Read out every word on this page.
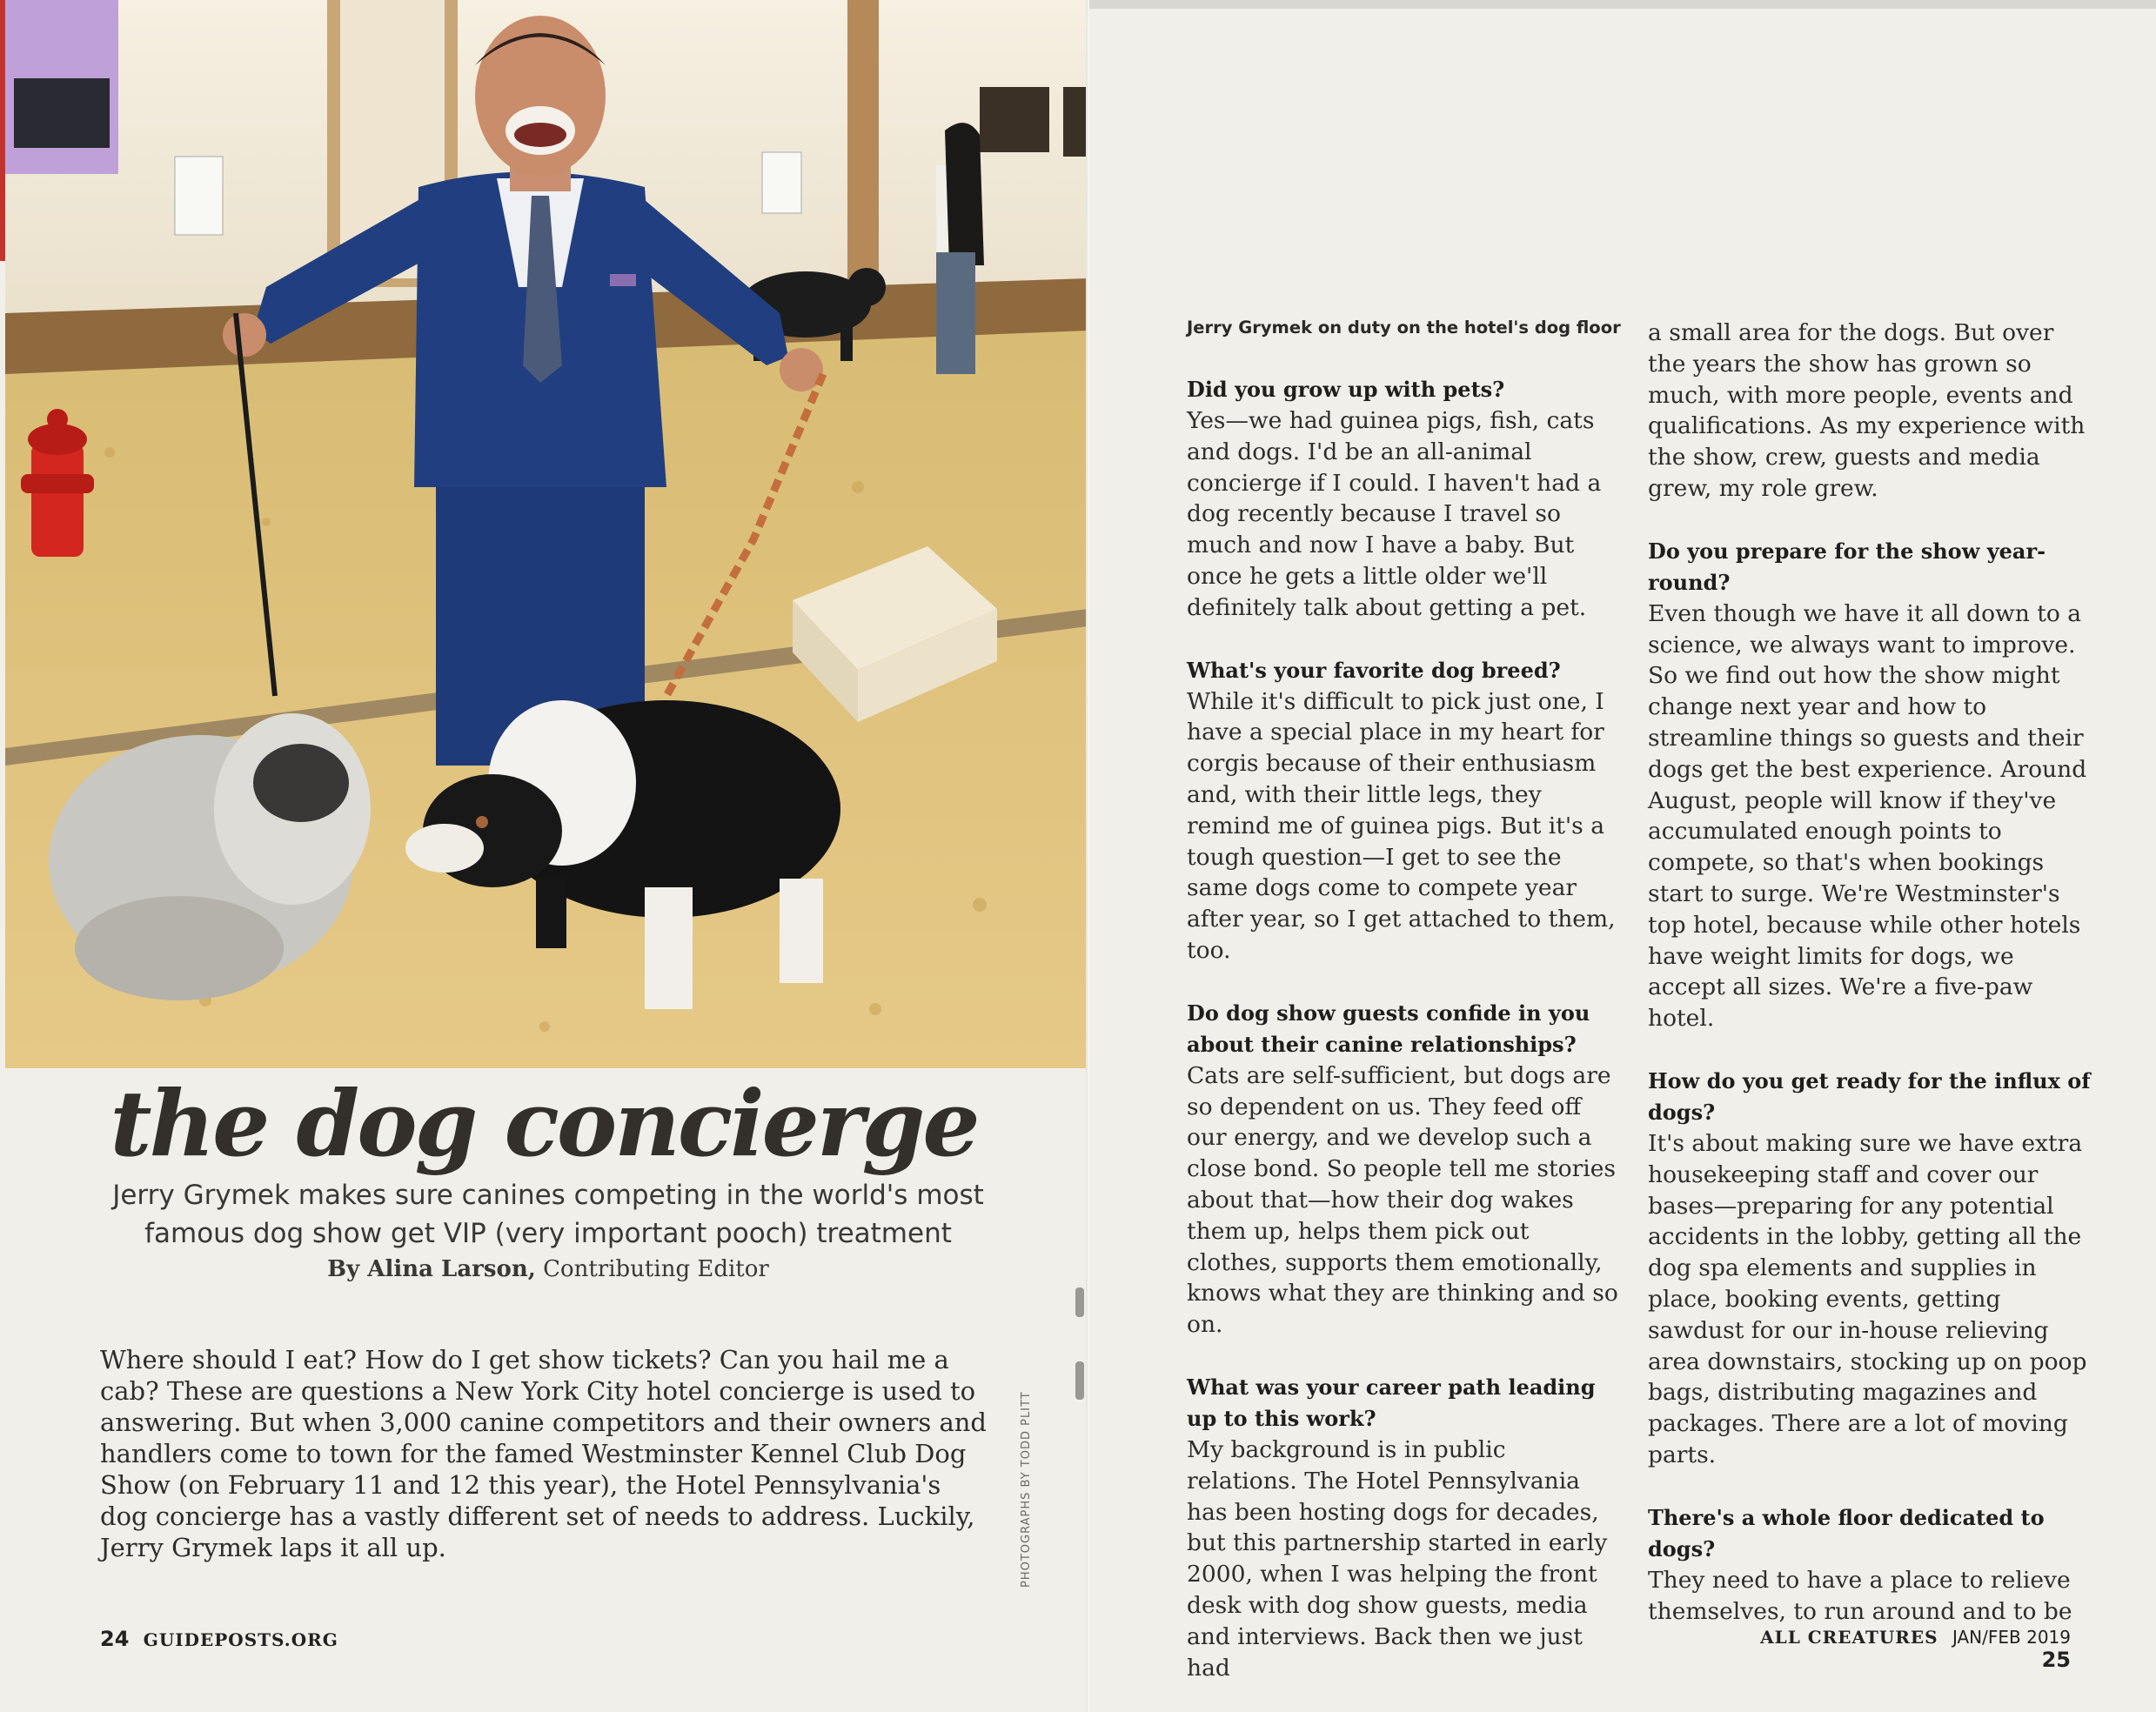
the dog concierge
Jerry Grymek makes sure canines competing in the world's most famous dog show get VIP (very important pooch) treatment
By Alina Larson, Contributing Editor
Where should I eat? How do I get show tickets? Can you hail me a cab? These are questions a New York City hotel concierge is used to answering. But when 3,000 canine competitors and their owners and handlers come to town for the famed Westminster Kennel Club Dog Show (on February 11 and 12 this year), the Hotel Pennsylvania's dog concierge has a vastly different set of needs to address. Luckily, Jerry Grymek laps it all up.	PHOTOGRAPHS BY TODD PLITT
24 GUIDEPOSTS.ORG
Jerry Grymek on duty on the hotel's dog floor
Did you grow up with pets?

Yes—we had guinea pigs, fish, cats and dogs. I'd be an all-animal concierge if I could. I haven't had a dog recently because I travel so much and now I have a baby. But once he gets a little older we'll definitely talk about getting a pet.

What's your favorite dog breed?

While it's difficult to pick just one, I have a special place in my heart for corgis because of their enthusiasm and, with their little legs, they remind me of guinea pigs. But it's a tough question—I get to see the same dogs come to compete year after year, so I get attached to them, too.

Do dog show guests confide in you about their canine relationships?

Cats are self-sufficient, but dogs are so dependent on us. They feed off our energy, and we develop such a close bond. So people tell me stories about that—how their dog wakes them up, helps them pick out clothes, supports them emotionally, knows what they are thinking and so on.

What was your career path leading up to this work?

My background is in public relations. The Hotel Pennsylvania has been hosting dogs for decades, but this partnership started in early 2000, when I was helping the front desk with dog show guests, media and interviews. Back then we just had

a small area for the dogs. But over the years the show has grown so much, with more people, events and qualifications. As my experience with the show, crew, guests and media grew, my role grew.

Do you prepare for the show year-round?

Even though we have it all down to a science, we always want to improve. So we find out how the show might change next year and how to streamline things so guests and their dogs get the best experience. Around August, people will know if they've accumulated enough points to compete, so that's when bookings start to surge. We're Westminster's top hotel, because while other hotels have weight limits for dogs, we accept all sizes. We're a five-paw hotel.

How do you get ready for the influx of dogs?

It's about making sure we have extra housekeeping staff and cover our bases—preparing for any potential accidents in the lobby, getting all the dog spa elements and supplies in place, booking events, getting sawdust for our in-house relieving area downstairs, stocking up on poop bags, distributing magazines and packages. There are a lot of moving parts.

There's a whole floor dedicated to dogs?

They need to have a place to relieve themselves, to run around and to be

ALL CREATURES JAN/FEB 2019 25
